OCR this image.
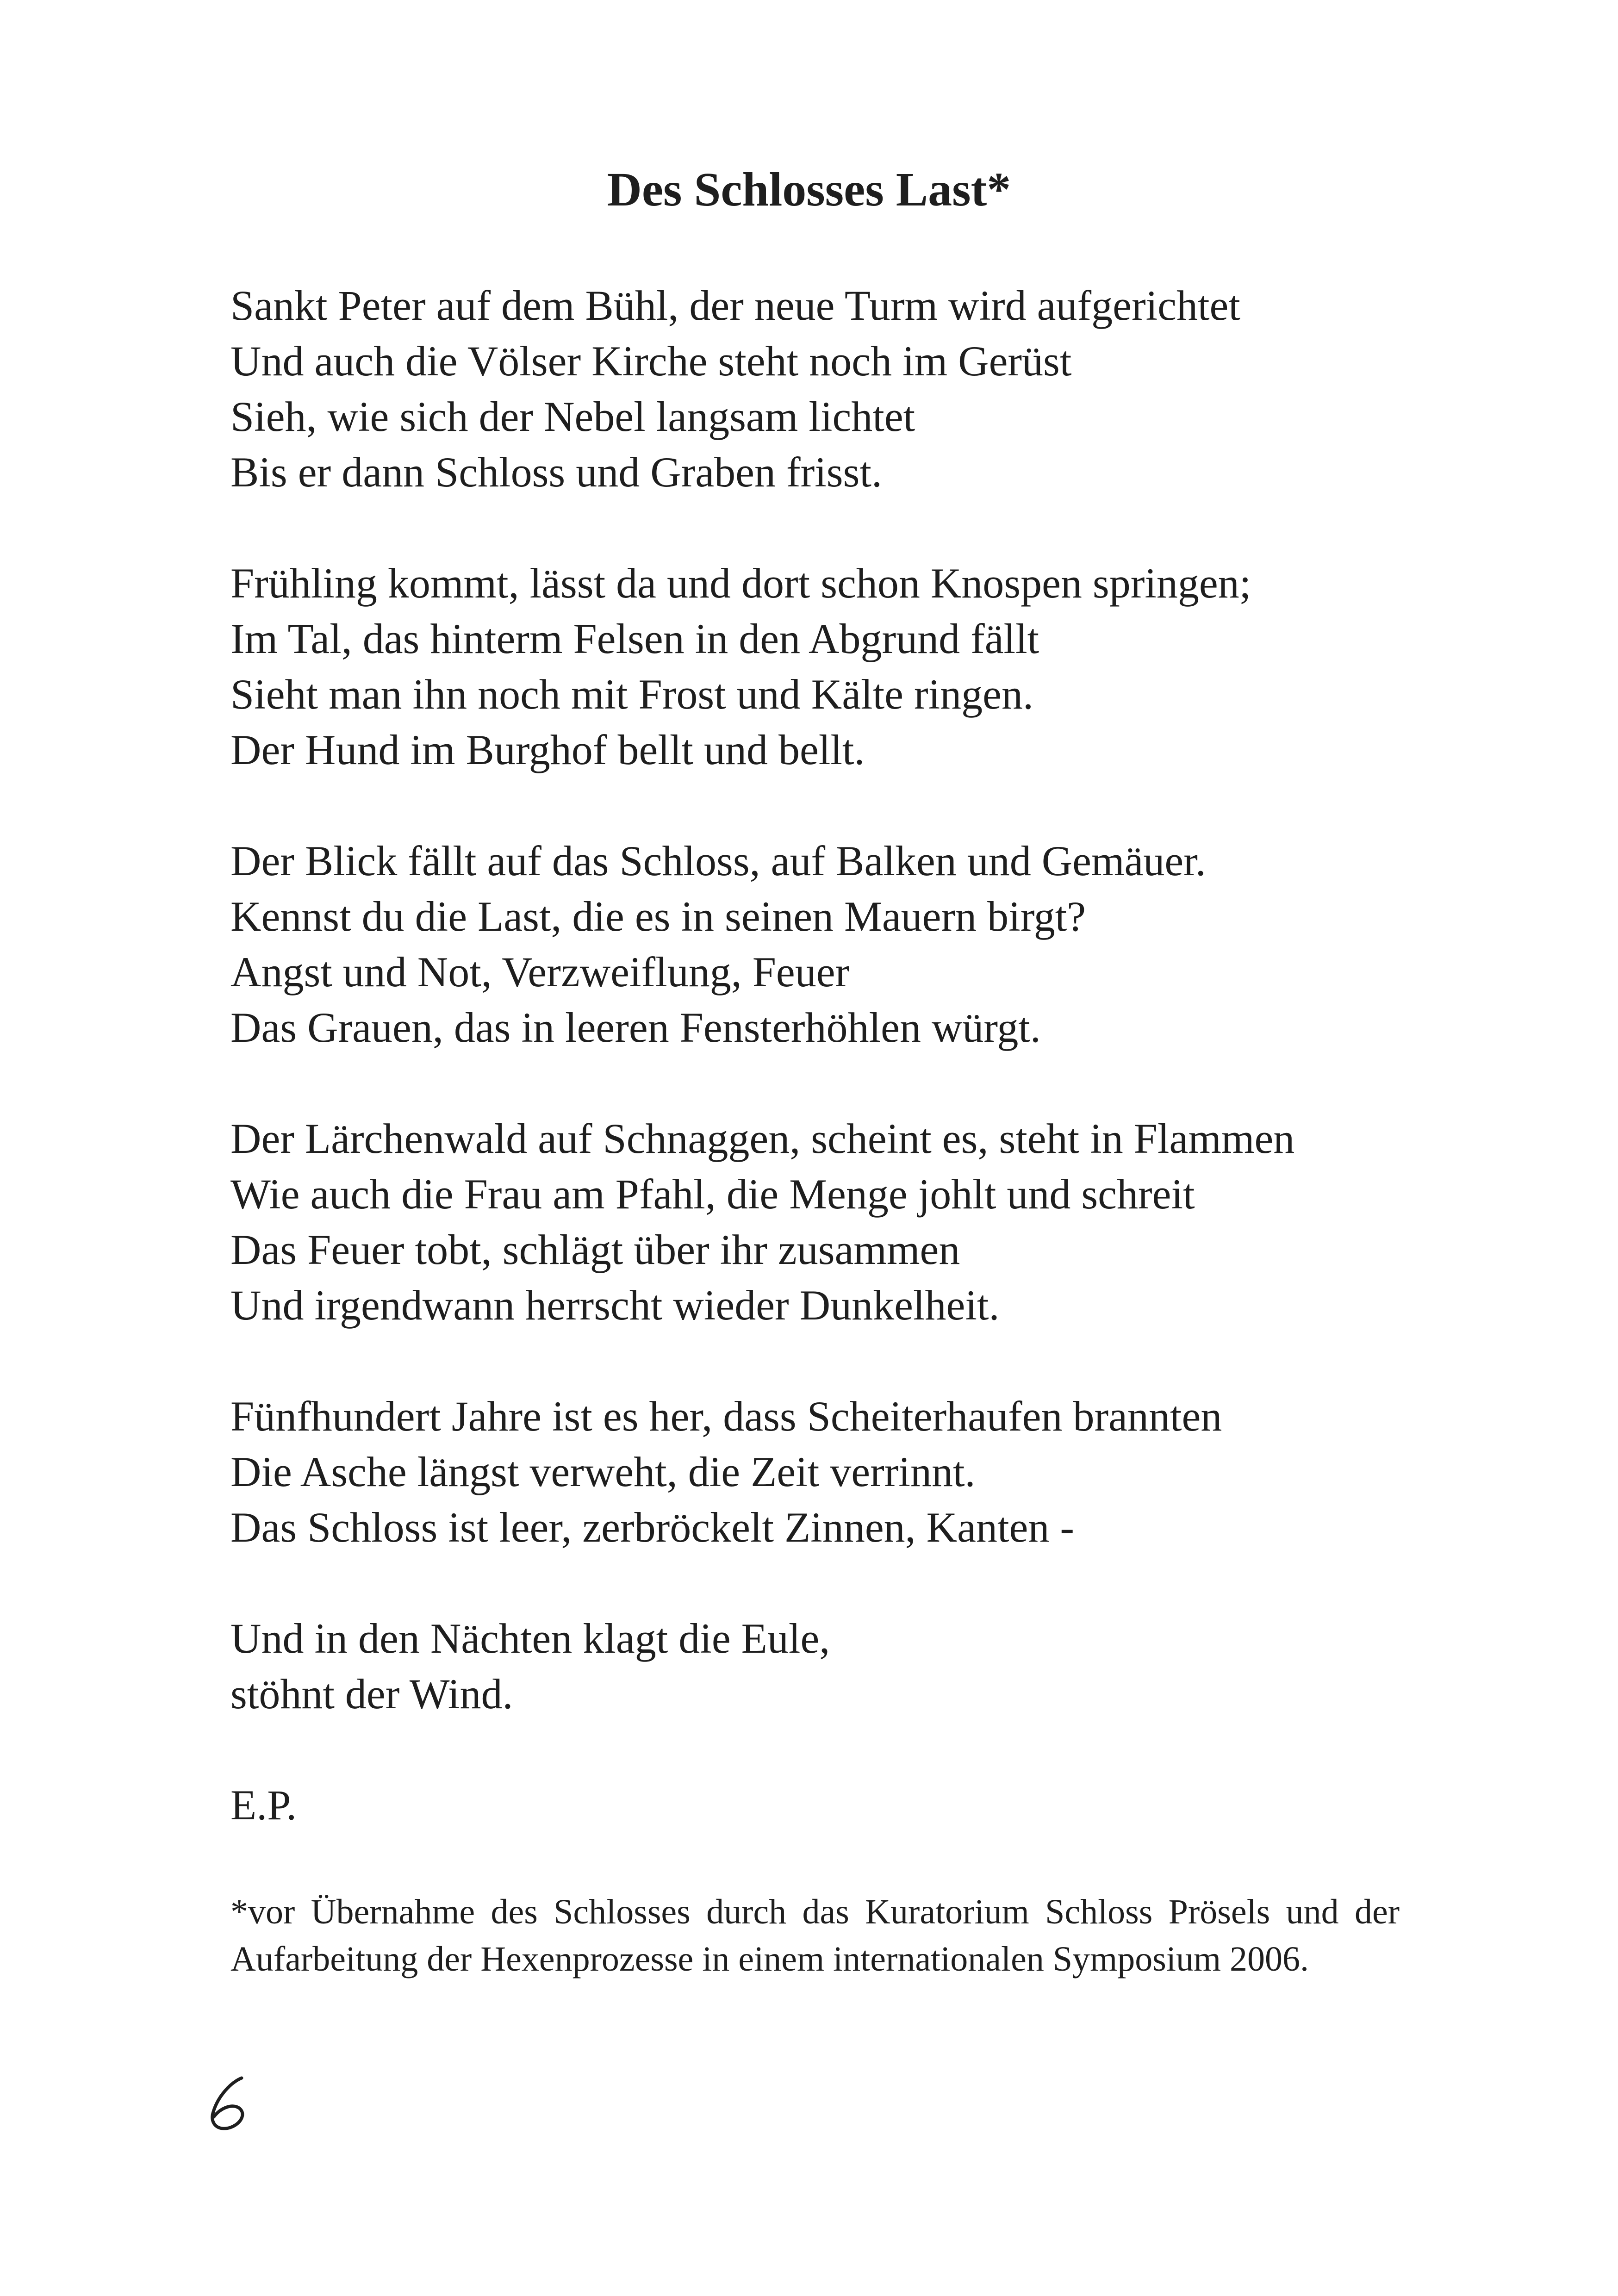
Des Schlosses Last*
Sankt Peter auf dem Bühl, der neue Turm wird aufgerichtet
Und auch die Völser Kirche steht noch im Gerüst
Sieh, wie sich der Nebel langsam lichtet
Bis er dann Schloss und Graben frisst.
Frühling kommt, lässt da und dort schon Knospen springen;
Im Tal, das hinterm Felsen in den Abgrund fällt
Sieht man ihn noch mit Frost und Kälte ringen.
Der Hund im Burghof bellt und bellt.
Der Blick fällt auf das Schloss, auf Balken und Gemäuer.
Kennst du die Last, die es in seinen Mauern birgt?
Angst und Not, Verzweiflung, Feuer
Das Grauen, das in leeren Fensterhöhlen würgt.
Der Lärchenwald auf Schnaggen, scheint es, steht in Flammen
Wie auch die Frau am Pfahl, die Menge johlt und schreit
Das Feuer tobt, schlägt über ihr zusammen
Und irgendwann herrscht wieder Dunkelheit.
Fünfhundert Jahre ist es her, dass Scheiterhaufen brannten
Die Asche längst verweht, die Zeit verrinnt.
Das Schloss ist leer, zerbröckelt Zinnen, Kanten -
Und in den Nächten klagt die Eule,
stöhnt der Wind.

E.P.

*vor Übernahme des Schlosses durch das Kuratorium Schloss Prösels und der Aufarbeitung der Hexenprozesse in einem internationalen Symposium 2006.
